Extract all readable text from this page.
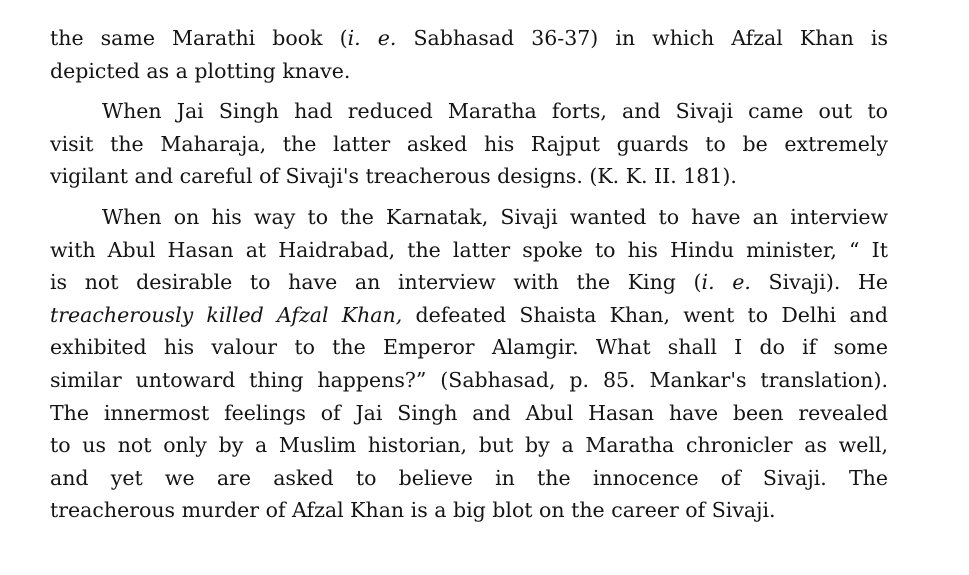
the same Marathi book (i. e. Sabhasad 36-37) in which Afzal Khan is
depicted as a plotting knave.
When Jai Singh had reduced Maratha forts, and Sivaji came out to
visit the Maharaja, the latter asked his Rajput guards to be extremely
vigilant and careful of Sivaji's treacherous designs. (K. K. II. 181).
When on his way to the Karnatak, Sivaji wanted to have an interview
with Abul Hasan at Haidrabad, the latter spoke to his Hindu minister, “ It
is not desirable to have an interview with the King (i. e. Sivaji). He
treacherously killed Afzal Khan, defeated Shaista Khan, went to Delhi and
exhibited his valour to the Emperor Alamgir. What shall I do if some
similar untoward thing happens?” (Sabhasad, p. 85. Mankar's translation).
The innermost feelings of Jai Singh and Abul Hasan have been revealed
to us not only by a Muslim historian, but by a Maratha chronicler as well,
and yet we are asked to believe in the innocence of Sivaji. The
treacherous murder of Afzal Khan is a big blot on the career of Sivaji.
